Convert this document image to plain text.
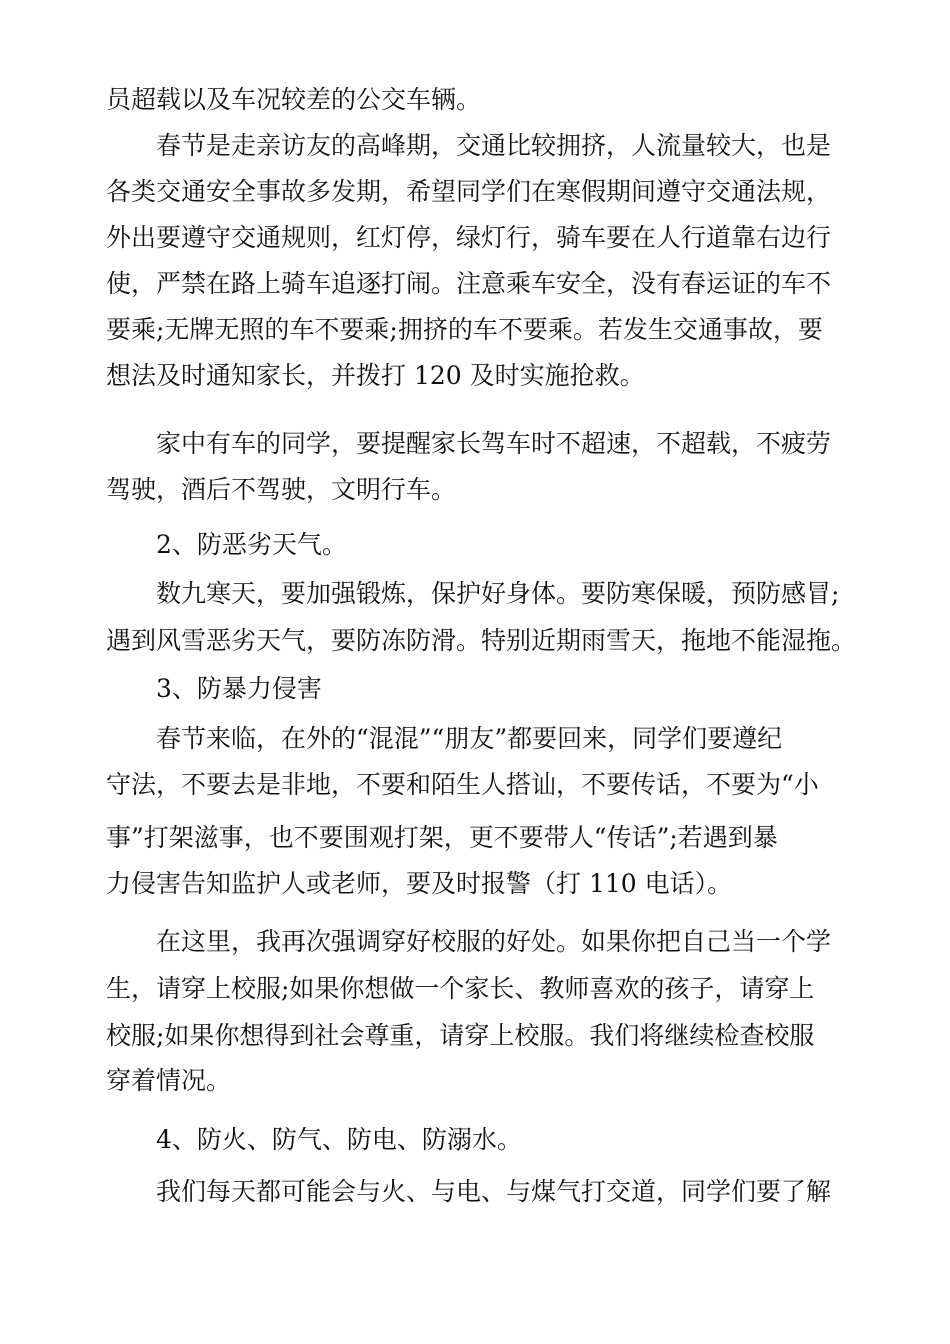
员超载以及车况较差的公交车辆。
春节是走亲访友的高峰期，交通比较拥挤，人流量较大，也是
各类交通安全事故多发期，希望同学们在寒假期间遵守交通法规，
外出要遵守交通规则，红灯停，绿灯行，骑车要在人行道靠右边行
使，严禁在路上骑车追逐打闹。注意乘车安全，没有春运证的车不
要乘;无牌无照的车不要乘;拥挤的车不要乘。若发生交通事故，要
想法及时通知家长，并拨打 120 及时实施抢救。
家中有车的同学，要提醒家长驾车时不超速，不超载，不疲劳
驾驶，酒后不驾驶，文明行车。
2、防恶劣天气。
数九寒天，要加强锻炼，保护好身体。要防寒保暖，预防感冒;
遇到风雪恶劣天气，要防冻防滑。特别近期雨雪天，拖地不能湿拖。
3、防暴力侵害
春节来临，在外的“混混”“朋友”都要回来，同学们要遵纪
守法，不要去是非地，不要和陌生人搭讪，不要传话，不要为“小
事”打架滋事，也不要围观打架，更不要带人“传话”;若遇到暴
力侵害告知监护人或老师，要及时报警（打 110 电话）。
在这里，我再次强调穿好校服的好处。如果你把自己当一个学
生，请穿上校服;如果你想做一个家长、教师喜欢的孩子，请穿上
校服;如果你想得到社会尊重，请穿上校服。我们将继续检查校服
穿着情况。
4、防火、防气、防电、防溺水。
我们每天都可能会与火、与电、与煤气打交道，同学们要了解
